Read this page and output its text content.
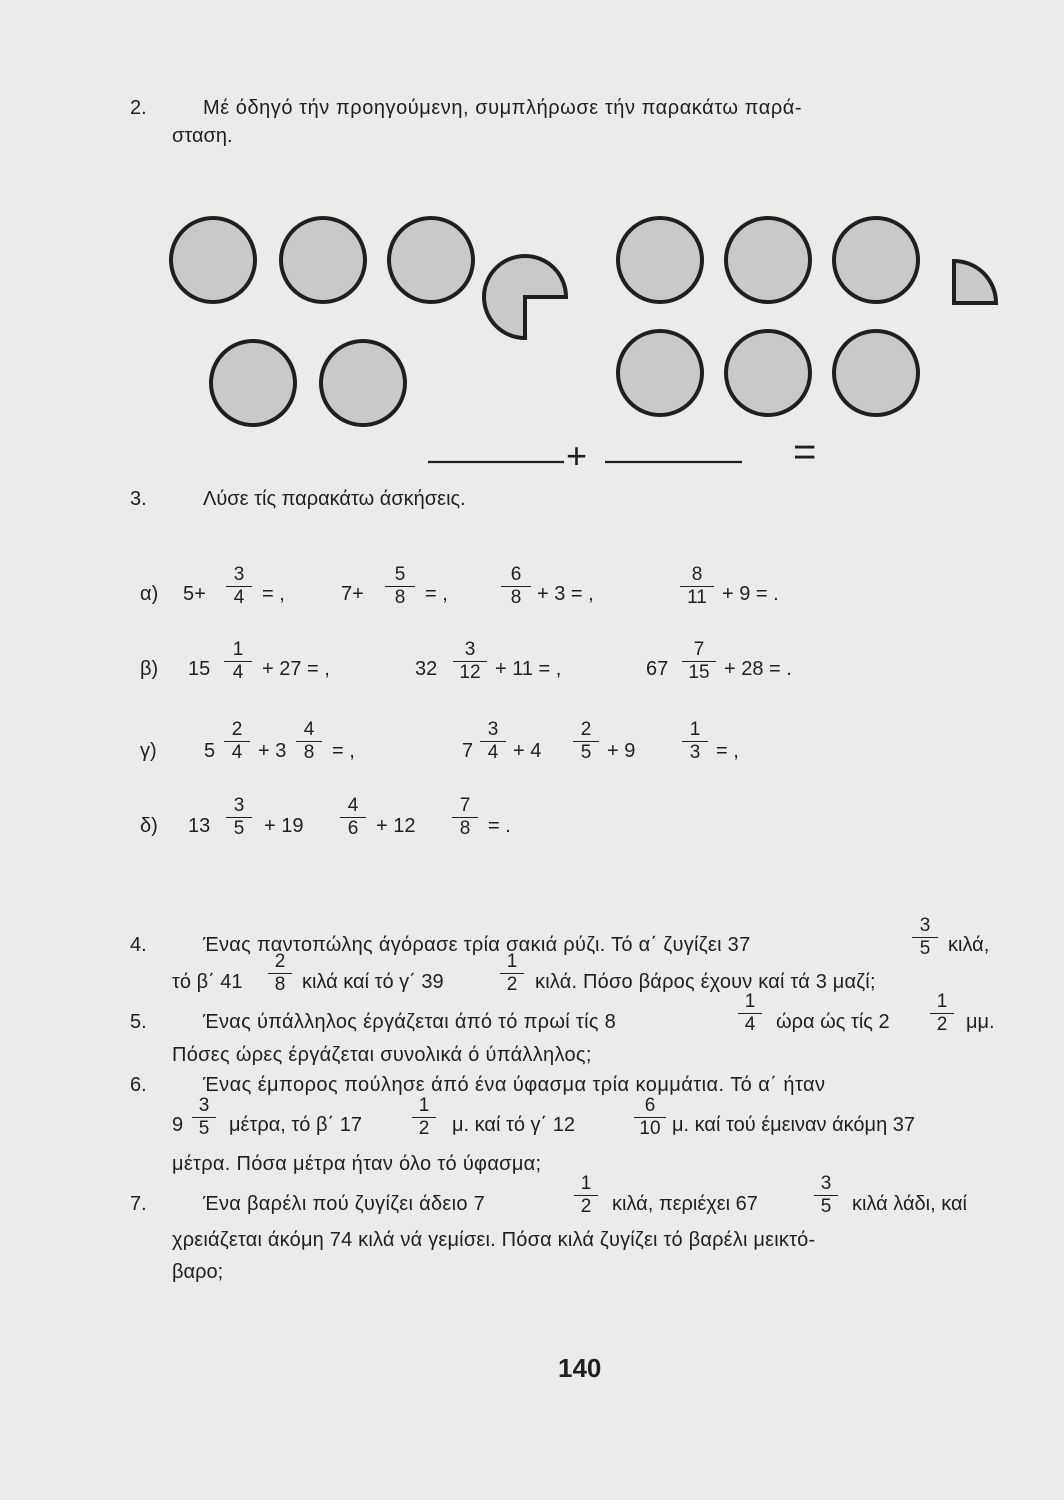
2.	Μέ όδηγό τήν προηγούμενη, συμπλήρωσε τήν παρακάτω παρά-
σταση.
+	=
3.	Λύσε τίς παρακάτω άσκήσεις.
α) 5+
3
4 = ,	7+
5
8 = ,
6
8 + 3 = ,
8
11 + 9 = .
β) 15
1
4 + 27 = ,	32
3
12 + 11 = ,	67
7
15 + 28 = .
γ) 5
2
4 + 3
4
8 = ,	7
3
4 + 4
2
5 + 9
1
3 = ,
δ) 13
3
5 + 19
4
6 + 12
7
8 = .
4.	Ένας παντοπώλης άγόρασε τρία σακιά ρύζι. Τό α΄ ζυγίζει 37
3
5 κιλά,
τό β΄ 41
2
8 κιλά καί τό γ΄ 39
1
2 κιλά. Πόσο βάρος έχουν καί τά 3 μαζί;
5.	Ένας ύπάλληλος έργάζεται άπό τό πρωί τίς 8
1
4	ώρα ώς τίς 2
1
2 μμ.
Πόσες ώρες έργάζεται συνολικά ό ύπάλληλος;
6.	Ένας έμπορος πούλησε άπό ένα ύφασμα τρία κομμάτια. Τό α΄ ήταν
9
3
5 μέτρα, τό β΄ 17
1
2	μ. καί τό γ΄ 12
6
10 μ. καί τού έμειναν άκόμη 37
μέτρα. Πόσα μέτρα ήταν όλο τό ύφασμα;
7.	Ένα βαρέλι πού ζυγίζει άδειο 7
1
2	κιλά, περιέχει 67
3
5	κιλά λάδι, καί
χρειάζεται άκόμη 74 κιλά νά γεμίσει. Πόσα κιλά ζυγίζει τό βαρέλι μεικτό-
βαρο;
140
